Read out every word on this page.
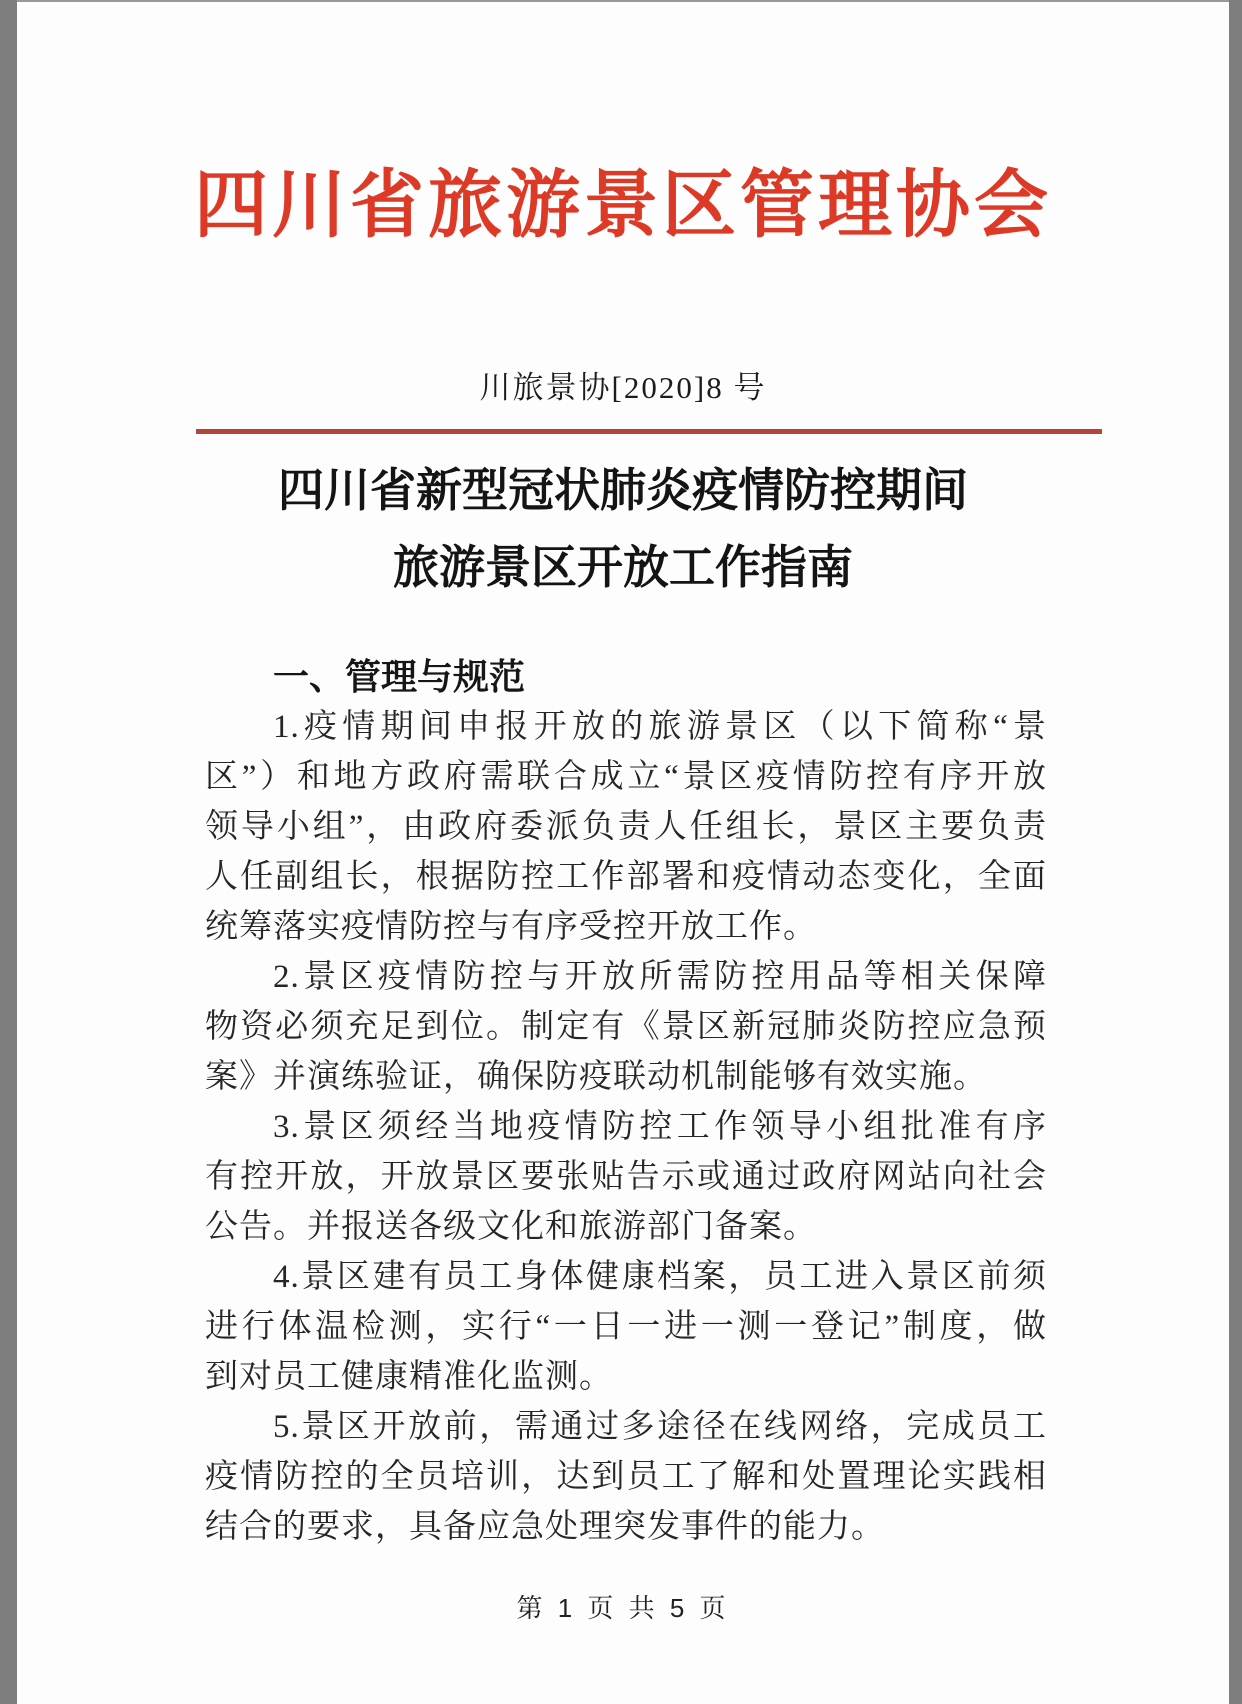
四川省旅游景区管理协会
川旅景协[2020]8 号
四川省新型冠状肺炎疫情防控期间
旅游景区开放工作指南
一、管理与规范
1.疫情期间申报开放的旅游景区（以下简称“景
区”）和地方政府需联合成立“景区疫情防控有序开放
领导小组”，由政府委派负责人任组长，景区主要负责
人任副组长，根据防控工作部署和疫情动态变化，全面
统筹落实疫情防控与有序受控开放工作。
2.景区疫情防控与开放所需防控用品等相关保障
物资必须充足到位。制定有《景区新冠肺炎防控应急预
案》并演练验证，确保防疫联动机制能够有效实施。
3.景区须经当地疫情防控工作领导小组批准有序
有控开放，开放景区要张贴告示或通过政府网站向社会
公告。并报送各级文化和旅游部门备案。
4.景区建有员工身体健康档案，员工进入景区前须
进行体温检测，实行“一日一进一测一登记”制度，做
到对员工健康精准化监测。
5.景区开放前，需通过多途径在线网络，完成员工
疫情防控的全员培训，达到员工了解和处置理论实践相
结合的要求，具备应急处理突发事件的能力。
第 1 页 共 5 页
